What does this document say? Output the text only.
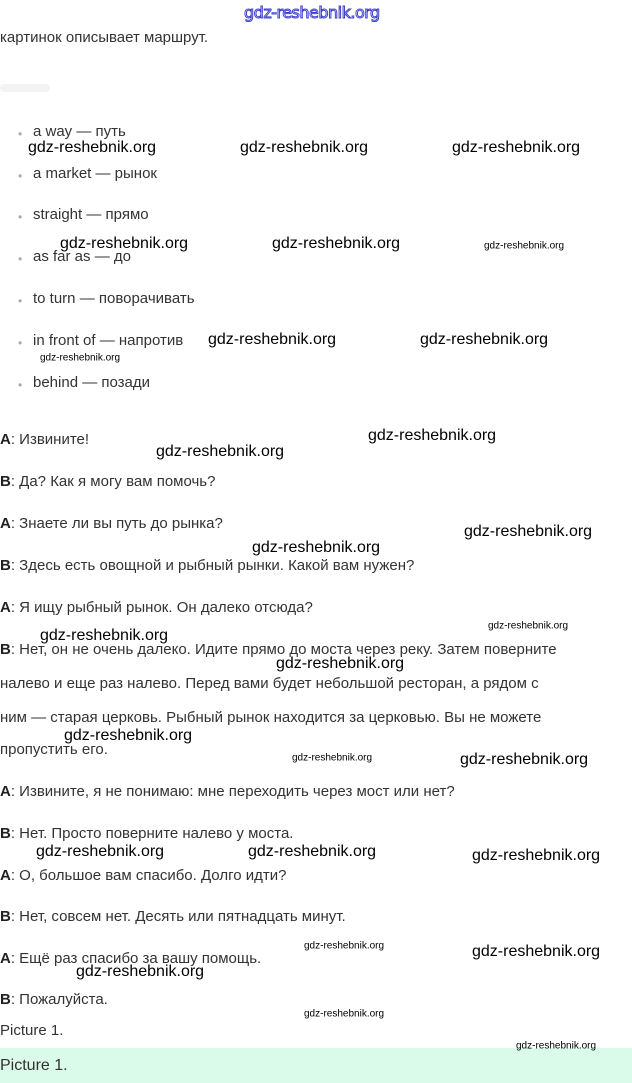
gdz-reshebnik.org
картинок описывает маршрут.
• a way — путь
• a market — рынок
• straight — прямо
• as far as — до
• to turn — поворачивать
• in front of — напротив
• behind — позади
A: Извините!
B: Да? Как я могу вам помочь?
A: Знаете ли вы путь до рынка?
B: Здесь есть овощной и рыбный рынки. Какой вам нужен?
A: Я ищу рыбный рынок. Он далеко отсюда?
B: Нет, он не очень далеко. Идите прямо до моста через реку. Затем поверните
налево и еще раз налево. Перед вами будет небольшой ресторан, а рядом с
ним — старая церковь. Рыбный рынок находится за церковью. Вы не можете
пропустить его.
A: Извините, я не понимаю: мне переходить через мост или нет?
B: Нет. Просто поверните налево у моста.
A: О, большое вам спасибо. Долго идти?
B: Нет, совсем нет. Десять или пятнадцать минут.
A: Ещё раз спасибо за вашу помощь.
B: Пожалуйста.
Picture 1.
Picture 1.
gdz-reshebnik.org	gdz-reshebnik.org	gdz-reshebnik.org
gdz-reshebnik.org	gdz-reshebnik.org	gdz-reshebnik.org
gdz-reshebnik.org	gdz-reshebnik.org
gdz-reshebnik.org
gdz-reshebnik.org
gdz-reshebnik.org
gdz-reshebnik.org
gdz-reshebnik.org
gdz-reshebnik.org
gdz-reshebnik.org
gdz-reshebnik.org
gdz-reshebnik.org
gdz-reshebnik.org	gdz-reshebnik.org
gdz-reshebnik.org	gdz-reshebnik.org	gdz-reshebnik.org
gdz-reshebnik.org	gdz-reshebnik.org
gdz-reshebnik.org
gdz-reshebnik.org
gdz-reshebnik.org
